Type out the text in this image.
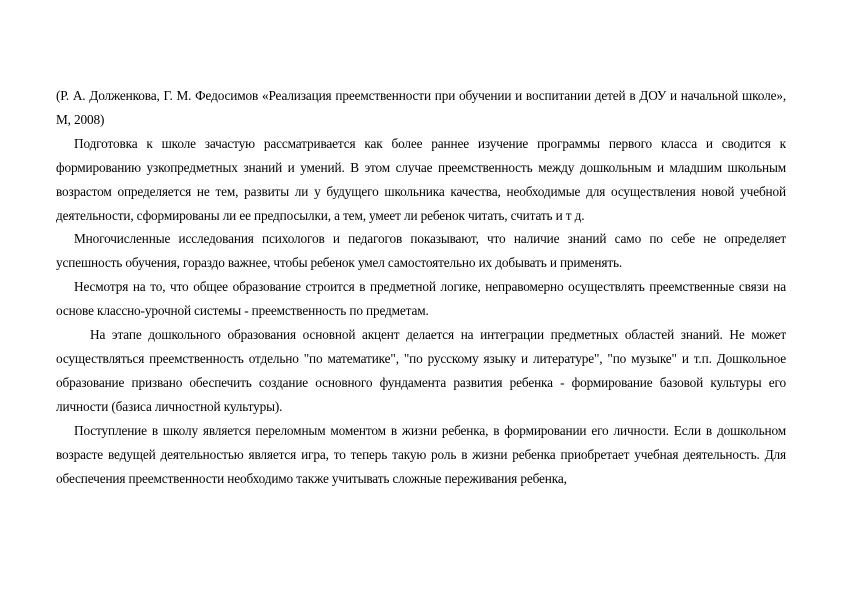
(Р. А. Долженкова, Г. М. Федосимов «Реализация преемственности при обучении и воспитании детей в ДОУ и начальной школе», М, 2008)

Подготовка к школе зачастую рассматривается как более раннее изучение программы первого класса и сводится к формированию узкопредметных знаний и умений. В этом случае преемственность между дошкольным и младшим школьным возрастом определяется не тем, развиты ли у будущего школьника качества, необходимые для осуществления новой учебной деятельности, сформированы ли ее предпосылки, а тем, умеет ли ребенок читать, считать и т д.

Многочисленные исследования психологов и педагогов показывают, что наличие знаний само по себе не определяет успешность обучения, гораздо важнее, чтобы ребенок умел самостоятельно их добывать и применять.

Несмотря на то, что общее образование строится в предметной логике, неправомерно осуществлять преемственные связи на основе классно-урочной системы - преемственность по предметам.

На этапе дошкольного образования основной акцент делается на интеграции предметных областей знаний. Не может осуществляться преемственность отдельно "по математике", "по русскому языку и литературе", "по музыке" и т.п. Дошкольное образование призвано обеспечить создание основного фундамента развития ребенка - формирование базовой культуры его личности (базиса личностной культуры).

Поступление в школу является переломным моментом в жизни ребенка, в формировании его личности. Если в дошкольном возрасте ведущей деятельностью является игра, то теперь такую роль в жизни ребенка приобретает учебная деятельность. Для обеспечения преемственности необходимо также учитывать сложные переживания ребенка,
